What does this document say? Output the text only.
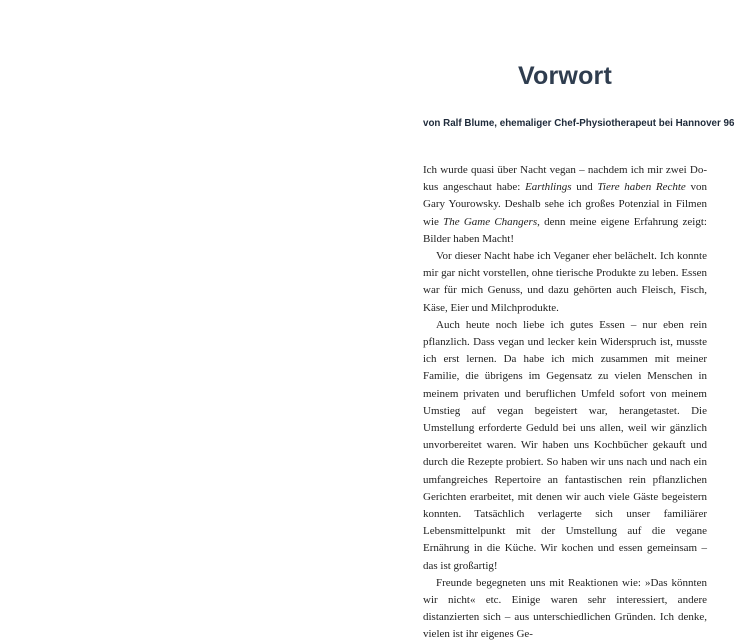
Vorwort
von Ralf Blume, ehemaliger Chef-Physiotherapeut bei Hannover 96

Ich wurde quasi über Nacht vegan – nachdem ich mir zwei Dokus angeschaut habe: Earthlings und Tiere haben Rechte von Gary Yourowsky. Deshalb sehe ich großes Potenzial in Filmen wie The Game Changers, denn meine eigene Erfahrung zeigt: Bilder haben Macht!

Vor dieser Nacht habe ich Veganer eher belächelt. Ich konnte mir gar nicht vorstellen, ohne tierische Produkte zu leben. Essen war für mich Genuss, und dazu gehörten auch Fleisch, Fisch, Käse, Eier und Milchprodukte.

Auch heute noch liebe ich gutes Essen – nur eben rein pflanzlich. Dass vegan und lecker kein Widerspruch ist, musste ich erst lernen. Da habe ich mich zusammen mit meiner Familie, die übrigens im Gegensatz zu vielen Menschen in meinem privaten und beruflichen Umfeld sofort von meinem Umstieg auf vegan begeistert war, herangetastet. Die Umstellung erforderte Geduld bei uns allen, weil wir gänzlich unvorbereitet waren. Wir haben uns Kochbücher gekauft und durch die Rezepte probiert. So haben wir uns nach und nach ein umfangreiches Repertoire an fantastischen rein pflanzlichen Gerichten erarbeitet, mit denen wir auch viele Gäste begeistern konnten. Tatsächlich verlagerte sich unser familiärer Lebensmittelpunkt mit der Umstellung auf die vegane Ernährung in die Küche. Wir kochen und essen gemeinsam – das ist großartig!

Freunde begegneten uns mit Reaktionen wie: »Das könnten wir nicht« etc. Einige waren sehr interessiert, andere distanzierten sich – aus unterschiedlichen Gründen. Ich denke, vielen ist ihr eigenes Ge-
